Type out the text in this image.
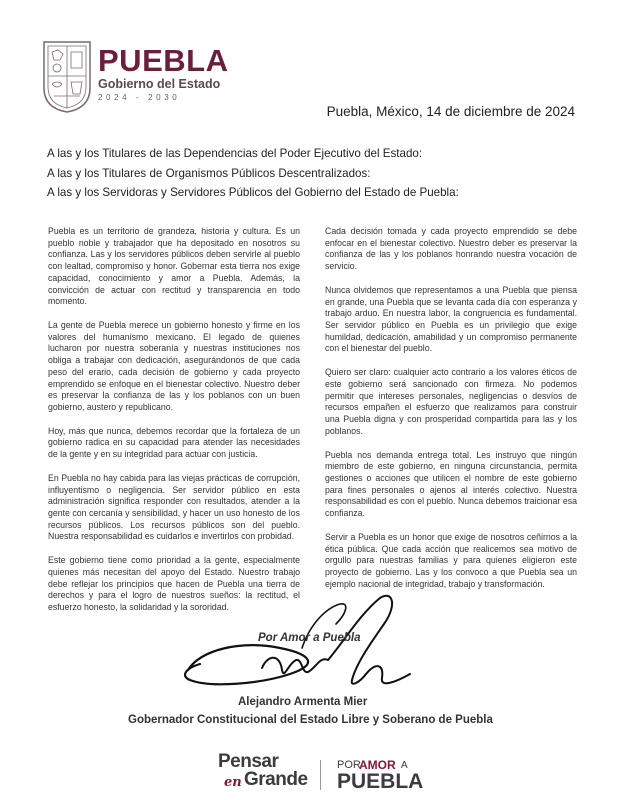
PUEBLA
Gobierno del Estado
2024 - 2030
Puebla, México, 14 de diciembre de 2024
A las y los Titulares de las Dependencias del Poder Ejecutivo del Estado:
A las y los Titulares de Organismos Públicos Descentralizados:
A las y los Servidoras y Servidores Públicos del Gobierno del Estado de Puebla:

Puebla es un territorio de grandeza, historia y cultura. Es un pueblo noble y trabajador que ha depositado en nosotros su confianza. Las y los servidores públicos deben servirle al pueblo con lealtad, compromiso y honor. Gobernar esta tierra nos exige capacidad, conocimiento y amor a Puebla. Además, la convicción de actuar con rectitud y transparencia en todo momento.

La gente de Puebla merece un gobierno honesto y firme en los valores del humanismo mexicano. El legado de quienes lucharon por nuestra soberanía y nuestras instituciones nos obliga a trabajar con dedicación, asegurándonos de que cada peso del erario, cada decisión de gobierno y cada proyecto emprendido se enfoque en el bienestar colectivo. Nuestro deber es preservar la confianza de las y los poblanos con un buen gobierno, austero y republicano.

Hoy, más que nunca, debemos recordar que la fortaleza de un gobierno radica en su capacidad para atender las necesidades de la gente y en su integridad para actuar con justicia.

En Puebla no hay cabida para las viejas prácticas de corrupción, influyentismo o negligencia. Ser servidor público en esta administración significa responder con resultados, atender a la gente con cercanía y sensibilidad, y hacer un uso honesto de los recursos públicos. Los recursos públicos son del pueblo. Nuestra responsabilidad es cuidarlos e invertirlos con probidad.

Este gobierno tiene como prioridad a la gente, especialmente quienes más necesitan del apoyo del Estado. Nuestro trabajo debe reflejar los principios que hacen de Puebla una tierra de derechos y para el logro de nuestros sueños: la rectitud, el esfuerzo honesto, la solidaridad y la sororidad.

Cada decisión tomada y cada proyecto emprendido se debe enfocar en el bienestar colectivo. Nuestro deber es preservar la confianza de las y los poblanos honrando nuestra vocación de servicio.

Nunca olvidemos que representamos a una Puebla que piensa en grande, una Puebla que se levanta cada día con esperanza y trabajo arduo. En nuestra labor, la congruencia es fundamental. Ser servidor público en Puebla es un privilegio que exige humildad, dedicación, amabilidad y un compromiso permanente con el bienestar del pueblo.

Quiero ser claro: cualquier acto contrario a los valores éticos de este gobierno será sancionado con firmeza. No podemos permitir que intereses personales, negligencias o desvíos de recursos empañen el esfuerzo que realizamos para construir una Puebla digna y con prosperidad compartida para las y los poblanos.

Puebla nos demanda entrega total. Les instruyo que ningún miembro de este gobierno, en ninguna circunstancia, permita gestiones o acciones que utilicen el nombre de este gobierno para fines personales o ajenos al interés colectivo. Nuestra responsabilidad es con el pueblo. Nunca debemos traicionar esa confianza.

Servir a Puebla es un honor que exige de nosotros ceñirnos a la ética pública. Que cada acción que realicemos sea motivo de orgullo para nuestras familias y para quienes eligieron este proyecto de gobierno. Las y los convoco a que Puebla sea un ejemplo nacional de integridad, trabajo y transformación.

Por Amor a Puebla
Alejandro Armenta Mier
Gobernador Constitucional del Estado Libre y Soberano de Puebla
Pensar
en Grande
POR
AMOR A
PUEBLA
